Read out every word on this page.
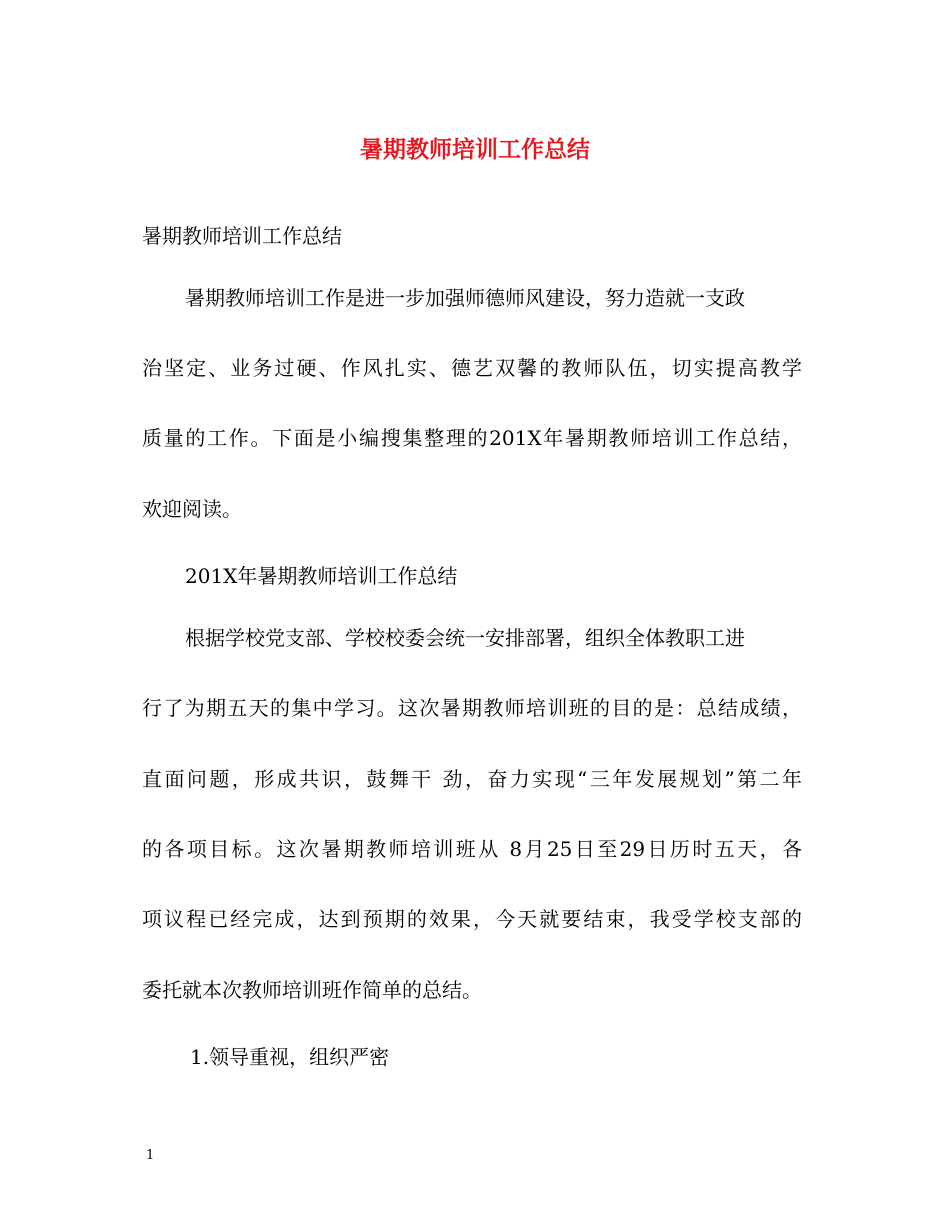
暑期教师培训工作总结
暑期教师培训工作总结
暑期教师培训工作是进一步加强师德师风建设，努力造就一支政
治坚定、业务过硬、作风扎实、德艺双馨的教师队伍，切实提高教学
质量的工作。下面是小编搜集整理的201X年暑期教师培训工作总结，
欢迎阅读。
201X年暑期教师培训工作总结
根据学校党支部、学校校委会统一安排部署，组织全体教职工进
行了为期五天的集中学习。这次暑期教师培训班的目的是：总结成绩，
直面问题，形成共识，鼓舞干 劲，奋力实现“三年发展规划”第二年
的各项目标。这次暑期教师培训班从 8月25日至29日历时五天，各
项议程已经完成，达到预期的效果，今天就要结束，我受学校支部的
委托就本次教师培训班作简单的总结。
1.领导重视，组织严密
1
